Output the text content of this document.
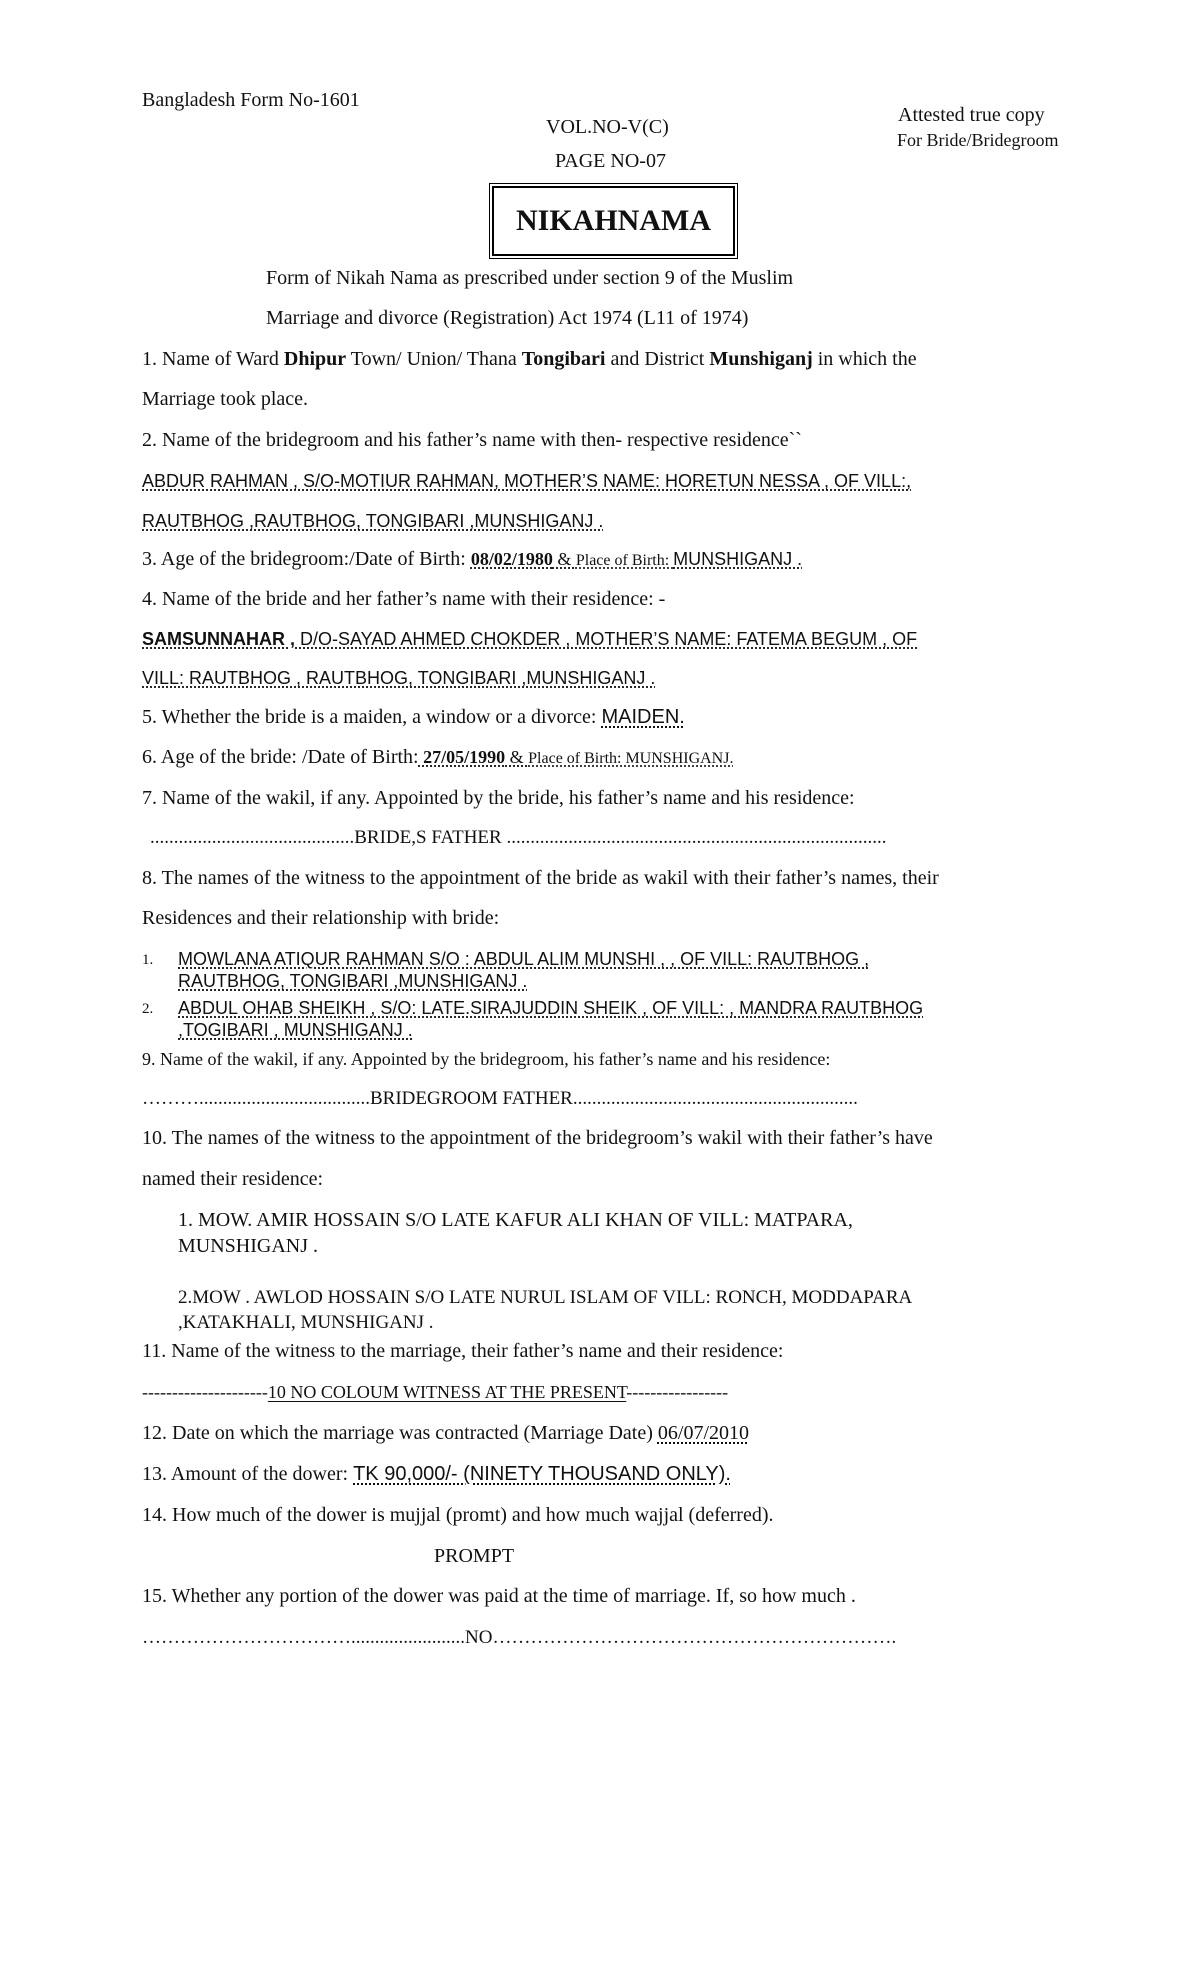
Bangladesh Form No-1601
VOL.NO-V(C)
PAGE NO-07
Attested true copy
For Bride/Bridegroom
NIKAHNAMA
Form of Nikah Nama as prescribed under section 9 of the Muslim
Marriage and divorce (Registration) Act 1974 (L11 of 1974)
1. Name of Ward Dhipur Town/ Union/ Thana Tongibari and District Munshiganj in which the
Marriage took place.
2. Name of the bridegroom and his father’s name with then- respective residence``
ABDUR RAHMAN , S/O-MOTIUR RAHMAN, MOTHER’S NAME: HORETUN NESSA , OF VILL:,
RAUTBHOG ,RAUTBHOG, TONGIBARI ,MUNSHIGANJ .
3. Age of the bridegroom:/Date of Birth: 08/02/1980 & Place of Birth: MUNSHIGANJ .
4. Name of the bride and her father’s name with their residence: -
SAMSUNNAHAR , D/O-SAYAD AHMED CHOKDER , MOTHER’S NAME: FATEMA BEGUM , OF
VILL: RAUTBHOG , RAUTBHOG, TONGIBARI ,MUNSHIGANJ .
5. Whether the bride is a maiden, a window or a divorce: MAIDEN.
6. Age of the bride: /Date of Birth: 27/05/1990 & Place of Birth: MUNSHIGANJ.
7. Name of the wakil, if any. Appointed by the bride, his father’s name and his residence:
...........................................BRIDE,S FATHER ................................................................................
8. The names of the witness to the appointment of the bride as wakil with their father’s names, their
Residences and their relationship with bride:
1. MOWLANA ATIQUR RAHMAN S/O : ABDUL ALIM MUNSHI , , OF VILL: RAUTBHOG ,
RAUTBHOG, TONGIBARI ,MUNSHIGANJ .
2. ABDUL OHAB SHEIKH , S/O: LATE.SIRAJUDDIN SHEIK , OF VILL: , MANDRA RAUTBHOG
,TOGIBARI , MUNSHIGANJ .
9. Name of the wakil, if any. Appointed by the bridegroom, his father’s name and his residence:
………....................................BRIDEGROOM FATHER............................................................
10. The names of the witness to the appointment of the bridegroom’s wakil with their father’s have
named their residence:
1. MOW. AMIR HOSSAIN S/O LATE KAFUR ALI KHAN OF VILL: MATPARA,
MUNSHIGANJ .
2.MOW . AWLOD HOSSAIN S/O LATE NURUL ISLAM OF VILL: RONCH, MODDAPARA
,KATAKHALI, MUNSHIGANJ .
11. Name of the witness to the marriage, their father’s name and their residence:
---------------------10 NO COLOUM WITNESS AT THE PRESENT-----------------
12. Date on which the marriage was contracted (Marriage Date) 06/07/2010
13. Amount of the dower: TK 90,000/- (NINETY THOUSAND ONLY).
14. How much of the dower is mujjal (promt) and how much wajjal (deferred).
PROMPT
15. Whether any portion of the dower was paid at the time of marriage. If, so how much .
……………………………........................NO……………………………………………………….
